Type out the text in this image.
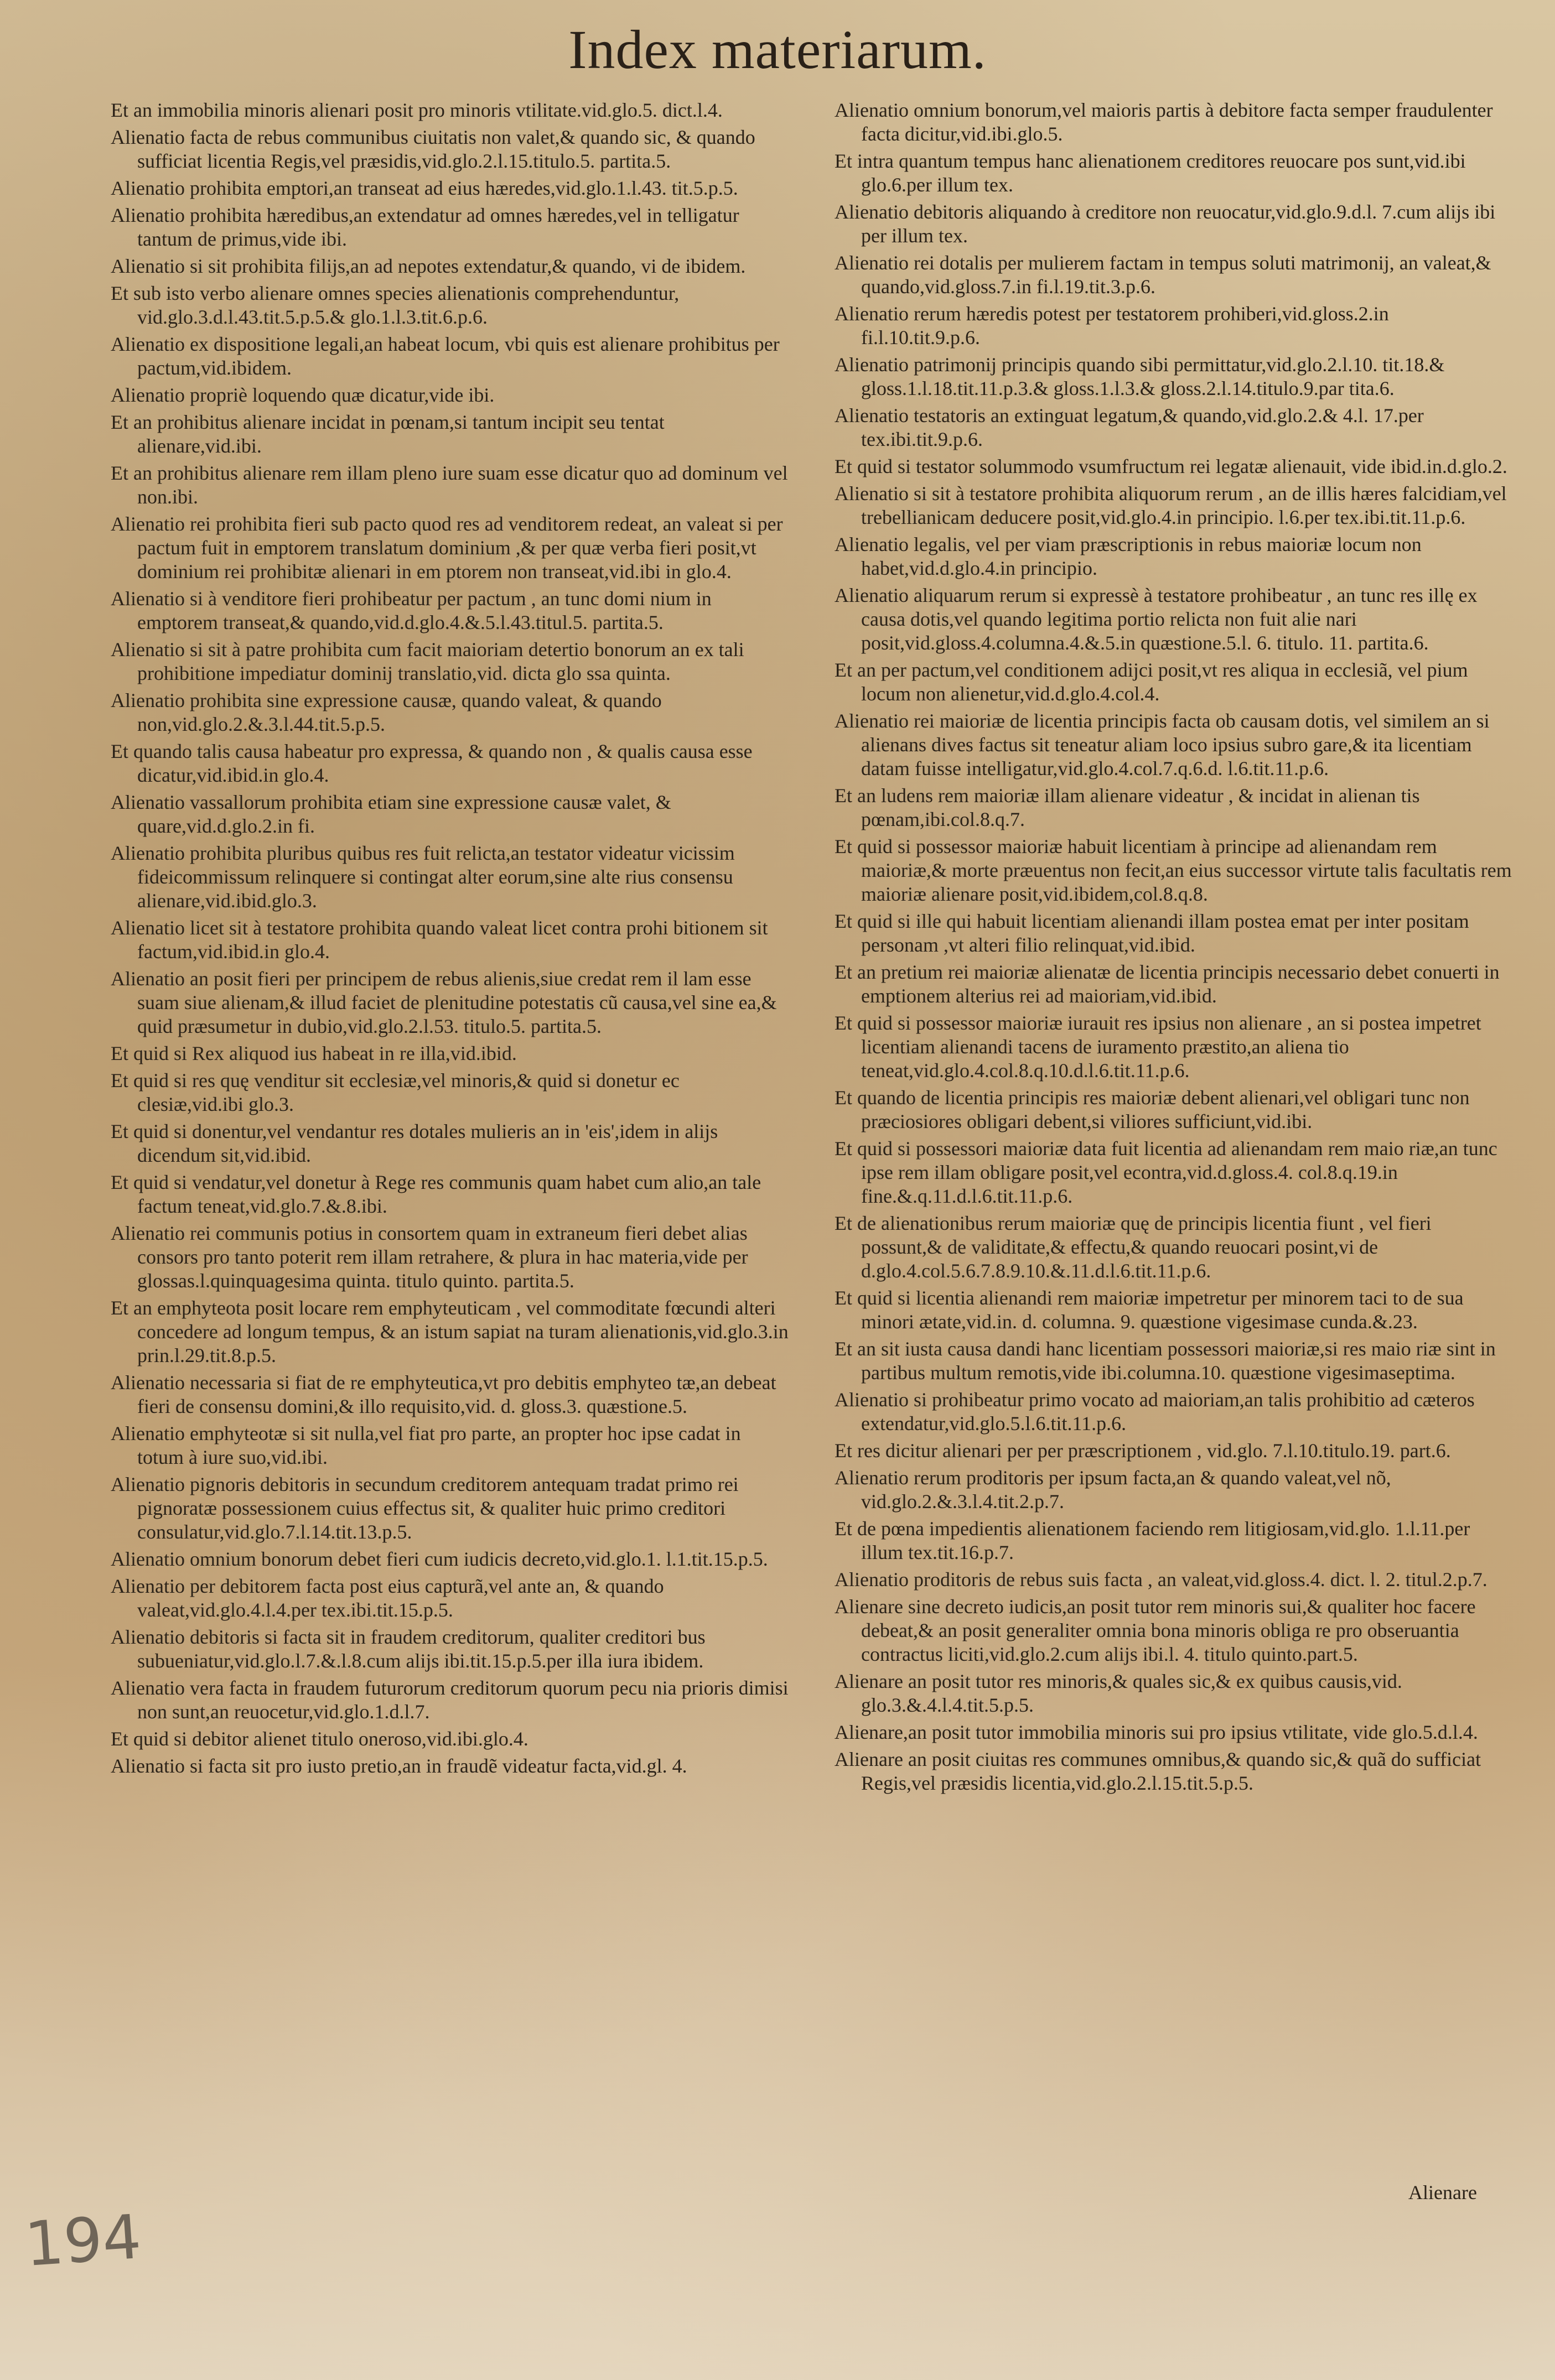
Index materiarum.
Et an immobilia minoris alienari posit pro minoris vtilitate.vid.glo.5. dict.l.4.
Alienatio facta de rebus communibus ciuitatis non valet,& quando sic, & quando sufficiat licentia Regis,vel præsidis,vid.glo.2.l.15.titulo.5. partita.5.
Alienatio prohibita emptori,an transeat ad eius hæredes,vid.glo.1.l.43. tit.5.p.5.
Alienatio prohibita hæredibus,an extendatur ad omnes hæredes,vel in telligatur tantum de primus,vide ibi.
Alienatio si sit prohibita filijs,an ad nepotes extendatur,& quando, vi de ibidem.
Et sub isto verbo alienare omnes species alienationis comprehenduntur, vid.glo.3.d.l.43.tit.5.p.5.& glo.1.l.3.tit.6.p.6.
Alienatio ex dispositione legali,an habeat locum, vbi quis est alienare prohibitus per pactum,vid.ibidem.
Alienatio propriè loquendo quæ dicatur,vide ibi.
Et an prohibitus alienare incidat in pœnam,si tantum incipit seu tentat alienare,vid.ibi.
Et an prohibitus alienare rem illam pleno iure suam esse dicatur quo ad dominum vel non.ibi.
Alienatio rei prohibita fieri sub pacto quod res ad venditorem redeat, an valeat si per pactum fuit in emptorem translatum dominium ,& per quæ verba fieri posit,vt dominium rei prohibitæ alienari in em ptorem non transeat,vid.ibi in glo.4.
Alienatio si à venditore fieri prohibeatur per pactum , an tunc domi nium in emptorem transeat,& quando,vid.d.glo.4.&.5.l.43.titul.5. partita.5.
Alienatio si sit à patre prohibita cum facit maioriam detertio bonorum an ex tali prohibitione impediatur dominij translatio,vid. dicta glo ssa quinta.
Alienatio prohibita sine expressione causæ, quando valeat, & quando non,vid.glo.2.&.3.l.44.tit.5.p.5.
Et quando talis causa habeatur pro expressa, & quando non , & qualis causa esse dicatur,vid.ibid.in glo.4.
Alienatio vassallorum prohibita etiam sine expressione causæ valet, & quare,vid.d.glo.2.in fi.
Alienatio prohibita pluribus quibus res fuit relicta,an testator videatur vicissim fideicommissum relinquere si contingat alter eorum,sine alte rius consensu alienare,vid.ibid.glo.3.
Alienatio licet sit à testatore prohibita quando valeat licet contra prohi bitionem sit factum,vid.ibid.in glo.4.
Alienatio an posit fieri per principem de rebus alienis,siue credat rem il lam esse suam siue alienam,& illud faciet de plenitudine potestatis cũ causa,vel sine ea,& quid præsumetur in dubio,vid.glo.2.l.53. titulo.5. partita.5.
Et quid si Rex aliquod ius habeat in re illa,vid.ibid.
Et quid si res quę venditur sit ecclesiæ,vel minoris,& quid si donetur ec clesiæ,vid.ibi glo.3.
Et quid si donentur,vel vendantur res dotales mulieris an in 'eis',idem in alijs dicendum sit,vid.ibid.
Et quid si vendatur,vel donetur à Rege res communis quam habet cum alio,an tale factum teneat,vid.glo.7.&.8.ibi.
Alienatio rei communis potius in consortem quam in extraneum fieri debet alias consors pro tanto poterit rem illam retrahere, & plura in hac materia,vide per glossas.l.quinquagesima quinta. titulo quinto. partita.5.
Et an emphyteota posit locare rem emphyteuticam , vel commoditate fœcundi alteri concedere ad longum tempus, & an istum sapiat na turam alienationis,vid.glo.3.in prin.l.29.tit.8.p.5.
Alienatio necessaria si fiat de re emphyteutica,vt pro debitis emphyteo tæ,an debeat fieri de consensu domini,& illo requisito,vid. d. gloss.3. quæstione.5.
Alienatio emphyteotæ si sit nulla,vel fiat pro parte, an propter hoc ipse cadat in totum à iure suo,vid.ibi.
Alienatio pignoris debitoris in secundum creditorem antequam tradat primo rei pignoratæ possessionem cuius effectus sit, & qualiter huic primo creditori consulatur,vid.glo.7.l.14.tit.13.p.5.
Alienatio omnium bonorum debet fieri cum iudicis decreto,vid.glo.1. l.1.tit.15.p.5.
Alienatio per debitorem facta post eius capturã,vel ante an, & quando valeat,vid.glo.4.l.4.per tex.ibi.tit.15.p.5.
Alienatio debitoris si facta sit in fraudem creditorum, qualiter creditori bus subueniatur,vid.glo.l.7.&.l.8.cum alijs ibi.tit.15.p.5.per illa iura ibidem.
Alienatio vera facta in fraudem futurorum creditorum quorum pecu nia prioris dimisi non sunt,an reuocetur,vid.glo.1.d.l.7.
Et quid si debitor alienet titulo oneroso,vid.ibi.glo.4.
Alienatio si facta sit pro iusto pretio,an in fraudẽ videatur facta,vid.gl. 4.
Alienatio omnium bonorum,vel maioris partis à debitore facta semper fraudulenter facta dicitur,vid.ibi.glo.5.
Et intra quantum tempus hanc alienationem creditores reuocare pos sunt,vid.ibi glo.6.per illum tex.
Alienatio debitoris aliquando à creditore non reuocatur,vid.glo.9.d.l. 7.cum alijs ibi per illum tex.
Alienatio rei dotalis per mulierem factam in tempus soluti matrimonij, an valeat,& quando,vid.gloss.7.in fi.l.19.tit.3.p.6.
Alienatio rerum hæredis potest per testatorem prohiberi,vid.gloss.2.in fi.l.10.tit.9.p.6.
Alienatio patrimonij principis quando sibi permittatur,vid.glo.2.l.10. tit.18.& gloss.1.l.18.tit.11.p.3.& gloss.1.l.3.& gloss.2.l.14.titulo.9.par tita.6.
Alienatio testatoris an extinguat legatum,& quando,vid.glo.2.& 4.l. 17.per tex.ibi.tit.9.p.6.
Et quid si testator solummodo vsumfructum rei legatæ alienauit, vide ibid.in.d.glo.2.
Alienatio si sit à testatore prohibita aliquorum rerum , an de illis hæres falcidiam,vel trebellianicam deducere posit,vid.glo.4.in principio. l.6.per tex.ibi.tit.11.p.6.
Alienatio legalis, vel per viam præscriptionis in rebus maioriæ locum non habet,vid.d.glo.4.in principio.
Alienatio aliquarum rerum si expressè à testatore prohibeatur , an tunc res illę ex causa dotis,vel quando legitima portio relicta non fuit alie nari posit,vid.gloss.4.columna.4.&.5.in quæstione.5.l. 6. titulo. 11. partita.6.
Et an per pactum,vel conditionem adijci posit,vt res aliqua in ecclesiã, vel pium locum non alienetur,vid.d.glo.4.col.4.
Alienatio rei maioriæ de licentia principis facta ob causam dotis, vel similem an si alienans dives factus sit teneatur aliam loco ipsius subro gare,& ita licentiam datam fuisse intelligatur,vid.glo.4.col.7.q.6.d. l.6.tit.11.p.6.
Et an ludens rem maioriæ illam alienare videatur , & incidat in alienan tis pœnam,ibi.col.8.q.7.
Et quid si possessor maioriæ habuit licentiam à principe ad alienandam rem maioriæ,& morte præuentus non fecit,an eius successor virtute talis facultatis rem maioriæ alienare posit,vid.ibidem,col.8.q.8.
Et quid si ille qui habuit licentiam alienandi illam postea emat per inter positam personam ,vt alteri filio relinquat,vid.ibid.
Et an pretium rei maioriæ alienatæ de licentia principis necessario debet conuerti in emptionem alterius rei ad maioriam,vid.ibid.
Et quid si possessor maioriæ iurauit res ipsius non alienare , an si postea impetret licentiam alienandi tacens de iuramento præstito,an aliena tio teneat,vid.glo.4.col.8.q.10.d.l.6.tit.11.p.6.
Et quando de licentia principis res maioriæ debent alienari,vel obligari tunc non præciosiores obligari debent,si viliores sufficiunt,vid.ibi.
Et quid si possessori maioriæ data fuit licentia ad alienandam rem maio riæ,an tunc ipse rem illam obligare posit,vel econtra,vid.d.gloss.4. col.8.q.19.in fine.&.q.11.d.l.6.tit.11.p.6.
Et de alienationibus rerum maioriæ quę de principis licentia fiunt , vel fieri possunt,& de validitate,& effectu,& quando reuocari posint,vi de d.glo.4.col.5.6.7.8.9.10.&.11.d.l.6.tit.11.p.6.
Et quid si licentia alienandi rem maioriæ impetretur per minorem taci to de sua minori ætate,vid.in. d. columna. 9. quæstione vigesimase cunda.&.23.
Et an sit iusta causa dandi hanc licentiam possessori maioriæ,si res maio riæ sint in partibus multum remotis,vide ibi.columna.10. quæstione vigesimaseptima.
Alienatio si prohibeatur primo vocato ad maioriam,an talis prohibitio ad cæteros extendatur,vid.glo.5.l.6.tit.11.p.6.
Et res dicitur alienari per per præscriptionem , vid.glo. 7.l.10.titulo.19. part.6.
Alienatio rerum proditoris per ipsum facta,an & quando valeat,vel nõ, vid.glo.2.&.3.l.4.tit.2.p.7.
Et de pœna impedientis alienationem faciendo rem litigiosam,vid.glo. 1.l.11.per illum tex.tit.16.p.7.
Alienatio proditoris de rebus suis facta , an valeat,vid.gloss.4. dict. l. 2. titul.2.p.7.
Alienare sine decreto iudicis,an posit tutor rem minoris sui,& qualiter hoc facere debeat,& an posit generaliter omnia bona minoris obliga re pro obseruantia contractus liciti,vid.glo.2.cum alijs ibi.l. 4. titulo quinto.part.5.
Alienare an posit tutor res minoris,& quales sic,& ex quibus causis,vid. glo.3.&.4.l.4.tit.5.p.5.
Alienare,an posit tutor immobilia minoris sui pro ipsius vtilitate, vide glo.5.d.l.4.
Alienare an posit ciuitas res communes omnibus,& quando sic,& quã do sufficiat Regis,vel præsidis licentia,vid.glo.2.l.15.tit.5.p.5.
Alienare
194
